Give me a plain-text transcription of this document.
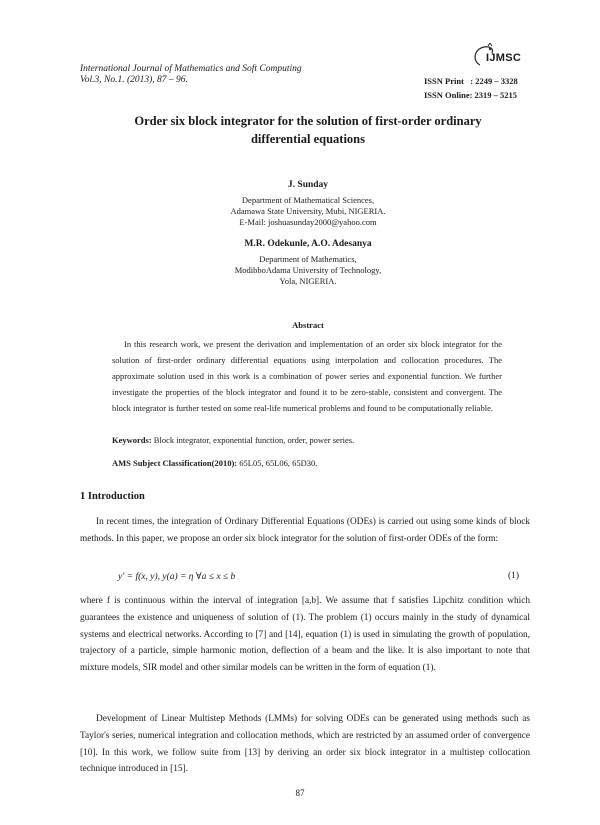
International Journal of Mathematics and Soft Computing
Vol.3, No.1. (2013), 87 – 96.
IJMSC
ISSN Print   : 2249 – 3328
ISSN Online: 2319 – 5215
Order six block integrator for the solution of first-order ordinary
differential equations
J. Sunday
Department of Mathematical Sciences,
Adamawa State University, Mubi, NIGERIA.
E-Mail: joshuasunday2000@yahoo.com
M.R. Odekunle, A.O. Adesanya
Department of Mathematics,
ModibboAdama University of Technology,
Yola, NIGERIA.
Abstract
In this research work, we present the derivation and implementation of an order six block integrator for the solution of first-order ordinary differential equations using interpolation and collocation procedures. The approximate solution used in this work is a combination of power series and exponential function. We further investigate the properties of the block integrator and found it to be zero-stable, consistent and convergent. The block integrator is further tested on some real-life numerical problems and found to be computationally reliable.
Keywords: Block integrator, exponential function, order, power series.
AMS Subject Classification(2010): 65L05, 65L06, 65D30.
1 Introduction
In recent times, the integration of Ordinary Differential Equations (ODEs) is carried out using some kinds of block methods. In this paper, we propose an order six block integrator for the solution of first-order ODEs of the form:
y′ = f(x, y), y(a) = η ∀a ≤ x ≤ b	(1)
where f is continuous within the interval of integration [a,b]. We assume that f satisfies Lipchitz condition which guarantees the existence and uniqueness of solution of (1). The problem (1) occurs mainly in the study of dynamical systems and electrical networks. According to [7] and [14], equation (1) is used in simulating the growth of population, trajectory of a particle, simple harmonic motion, deflection of a beam and the like. It is also important to note that mixture models, SIR model and other similar models can be written in the form of equation (1).
Development of Linear Multistep Methods (LMMs) for solving ODEs can be generated using methods such as Taylor's series, numerical integration and collocation methods, which are restricted by an assumed order of convergence [10]. In this work, we follow suite from [13] by deriving an order six block integrator in a multistep collocation technique introduced in [15].
87
